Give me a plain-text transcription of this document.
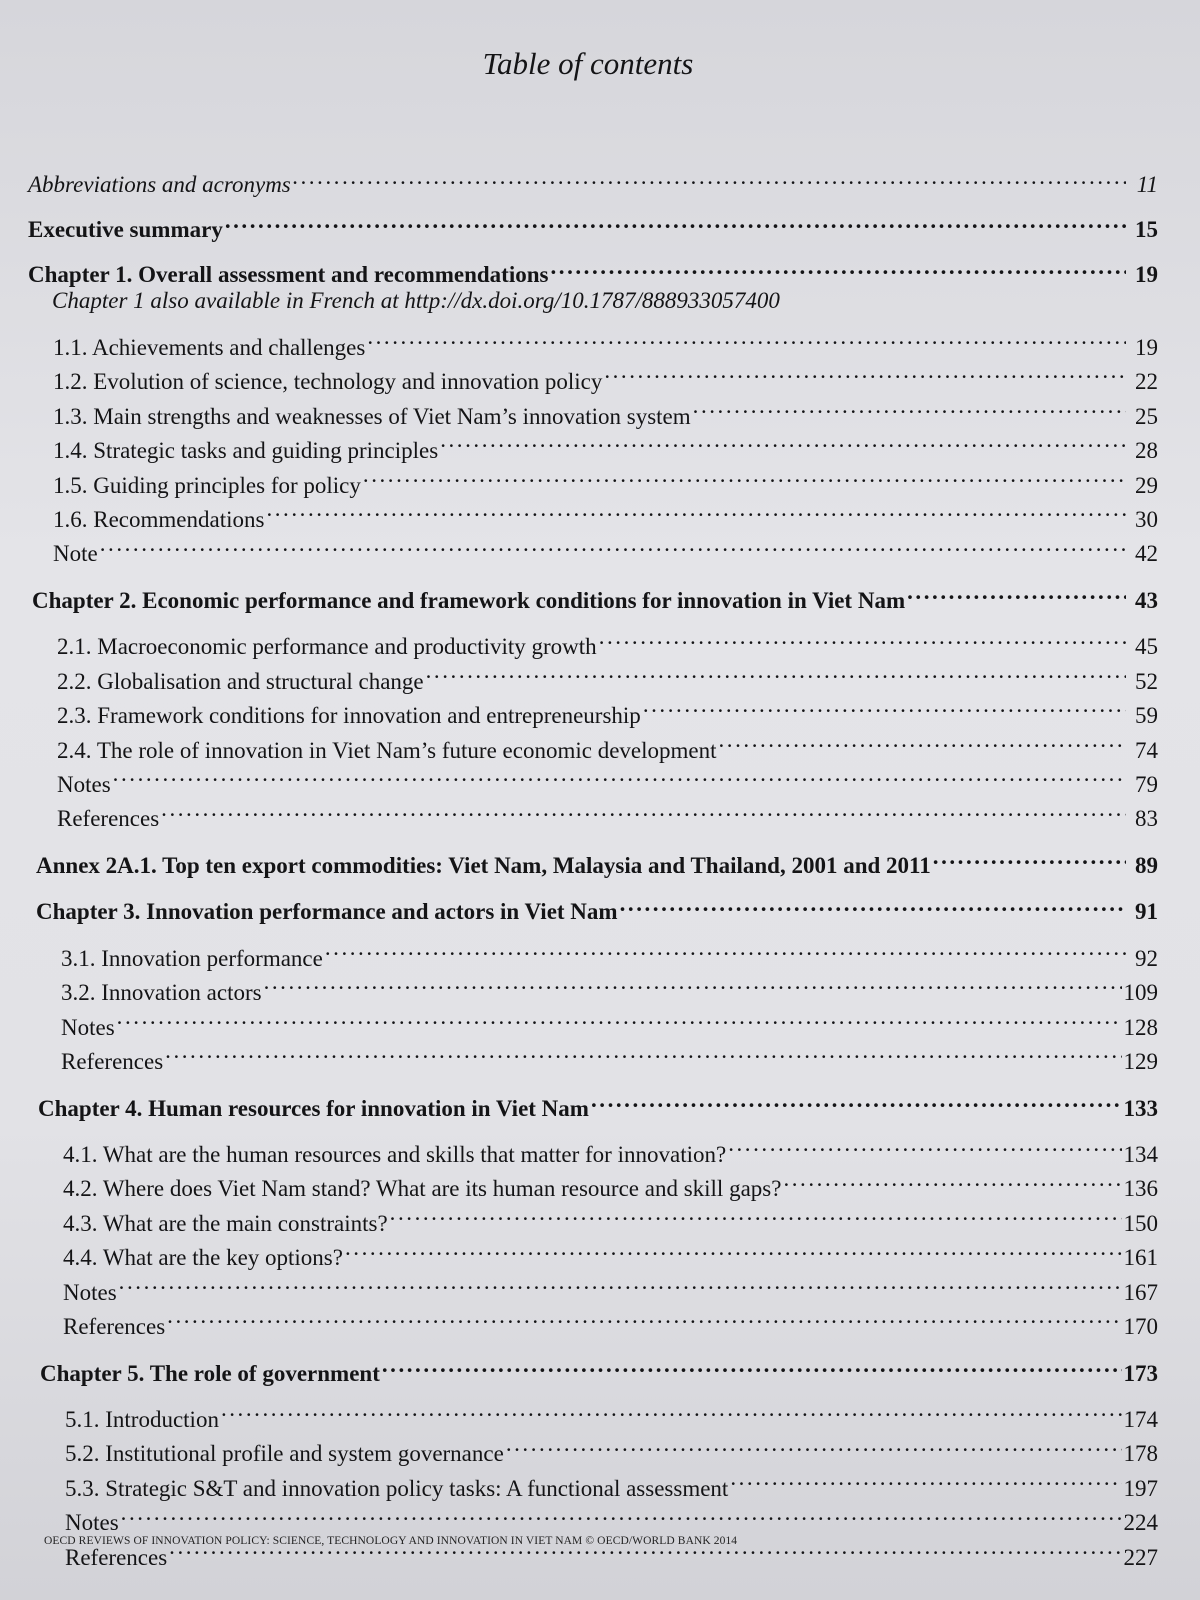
Table of contents
Abbreviations and acronyms . . .	11
Executive summary . . .	15
Chapter 1. Overall assessment and recommendations . . .	19
Chapter 1 also available in French at http://dx.doi.org/10.1787/888933057400
1.1. Achievements and challenges . . .	19
1.2. Evolution of science, technology and innovation policy . . .	22
1.3. Main strengths and weaknesses of Viet Nam’s innovation system . . .	25
1.4. Strategic tasks and guiding principles . . .	28
1.5. Guiding principles for policy . . .	29
1.6. Recommendations . . .	30
Note . . .	42
Chapter 2. Economic performance and framework conditions for innovation in Viet Nam . . .	43
2.1. Macroeconomic performance and productivity growth . . .	45
2.2. Globalisation and structural change . . .	52
2.3. Framework conditions for innovation and entrepreneurship . . .	59
2.4. The role of innovation in Viet Nam’s future economic development . . .	74
Notes . . .	79
References . . .	83
Annex 2A.1. Top ten export commodities: Viet Nam, Malaysia and Thailand, 2001 and 2011 . . .	89
Chapter 3. Innovation performance and actors in Viet Nam . . .	91
3.1. Innovation performance . . .	92
3.2. Innovation actors . . .	109
Notes . . .	128
References . . .	129
Chapter 4. Human resources for innovation in Viet Nam . . .	133
4.1. What are the human resources and skills that matter for innovation? . . .	134
4.2. Where does Viet Nam stand? What are its human resource and skill gaps? . . .	136
4.3. What are the main constraints? . . .	150
4.4. What are the key options? . . .	161
Notes . . .	167
References . . .	170
Chapter 5. The role of government . . .	173
5.1. Introduction . . .	174
5.2. Institutional profile and system governance . . .	178
5.3. Strategic S&T and innovation policy tasks: A functional assessment . . .	197
Notes . . .	224
References . . .	227
OECD REVIEWS OF INNOVATION POLICY: SCIENCE, TECHNOLOGY AND INNOVATION IN VIET NAM © OECD/WORLD BANK 2014
